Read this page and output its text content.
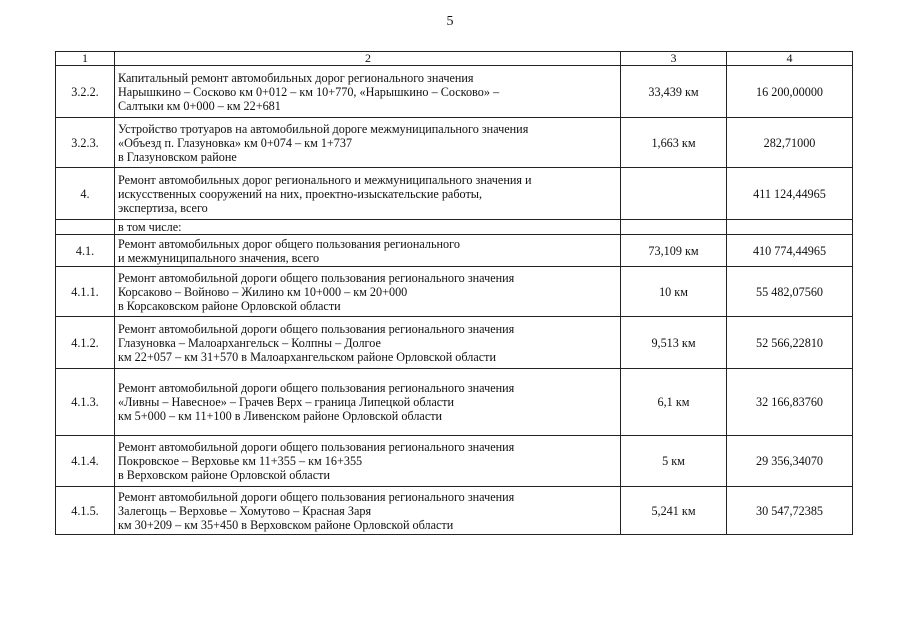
5
1	2	3	4
3.2.2.	Капитальный ремонт автомобильных дорог регионального значения
Нарышкино – Сосково км 0+012 – км 10+770, «Нарышкино – Сосково» –
Салтыки км 0+000 – км 22+681	33,439 км	16 200,00000
3.2.3.	Устройство тротуаров на автомобильной дороге межмуниципального значения
«Объезд п. Глазуновка» км 0+074 – км 1+737
в Глазуновском районе	1,663 км	282,71000
4.	Ремонт автомобильных дорог регионального и межмуниципального значения и
искусственных сооружений на них, проектно-изыскательские работы,
экспертиза, всего		411 124,44965

	в том числе:		

4.1.	Ремонт автомобильных дорог общего пользования регионального
и межмуниципального значения, всего	73,109 км	410 774,44965
4.1.1.	Ремонт автомобильной дороги общего пользования регионального значения
Корсаково – Войново – Жилино км 10+000 – км 20+000
в Корсаковском районе Орловской области	10 км	55 482,07560
4.1.2.	Ремонт автомобильной дороги общего пользования регионального значения
Глазуновка – Малоархангельск – Колпны – Долгое
км 22+057 – км 31+570 в Малоархангельском районе Орловской области	9,513 км	52 566,22810
4.1.3.	Ремонт автомобильной дороги общего пользования регионального значения
«Ливны – Навесное» – Грачев Верх – граница Липецкой области
км 5+000 – км 11+100 в Ливенском районе Орловской области	6,1 км	32 166,83760
4.1.4.	Ремонт автомобильной дороги общего пользования регионального значения
Покровское – Верховье км 11+355 – км 16+355
в Верховском районе Орловской области	5 км	29 356,34070
4.1.5.	Ремонт автомобильной дороги общего пользования регионального значения
Залегощь – Верховье – Хомутово – Красная Заря
км 30+209 – км 35+450 в Верховском районе Орловской области	5,241 км	30 547,72385
